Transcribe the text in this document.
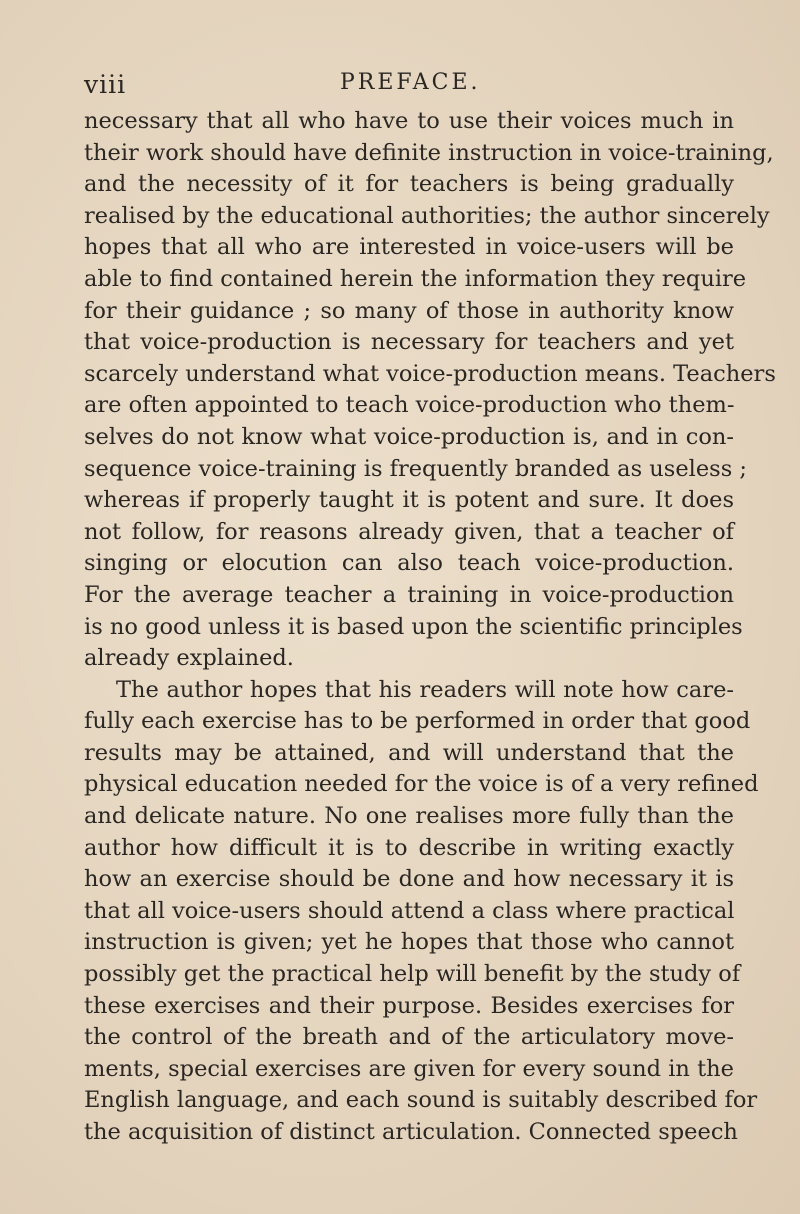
viii	PREFACE.
necessary that all who have to use their voices much in
their work should have definite instruction in voice-training,
and the necessity of it for teachers is being gradually
realised by the educational authorities; the author sincerely
hopes that all who are interested in voice-users will be
able to find contained herein the information they require
for their guidance ; so many of those in authority know
that voice-production is necessary for teachers and yet
scarcely understand what voice-production means. Teachers
are often appointed to teach voice-production who them-
selves do not know what voice-production is, and in con-
sequence voice-training is frequently branded as useless ;
whereas if properly taught it is potent and sure. It does
not follow, for reasons already given, that a teacher of
singing or elocution can also teach voice-production.
For the average teacher a training in voice-production
is no good unless it is based upon the scientific principles
already explained.
The author hopes that his readers will note how care-
fully each exercise has to be performed in order that good
results may be attained, and will understand that the
physical education needed for the voice is of a very refined
and delicate nature. No one realises more fully than the
author how difficult it is to describe in writing exactly
how an exercise should be done and how necessary it is
that all voice-users should attend a class where practical
instruction is given; yet he hopes that those who cannot
possibly get the practical help will benefit by the study of
these exercises and their purpose. Besides exercises for
the control of the breath and of the articulatory move-
ments, special exercises are given for every sound in the
English language, and each sound is suitably described for
the acquisition of distinct articulation. Connected speech
